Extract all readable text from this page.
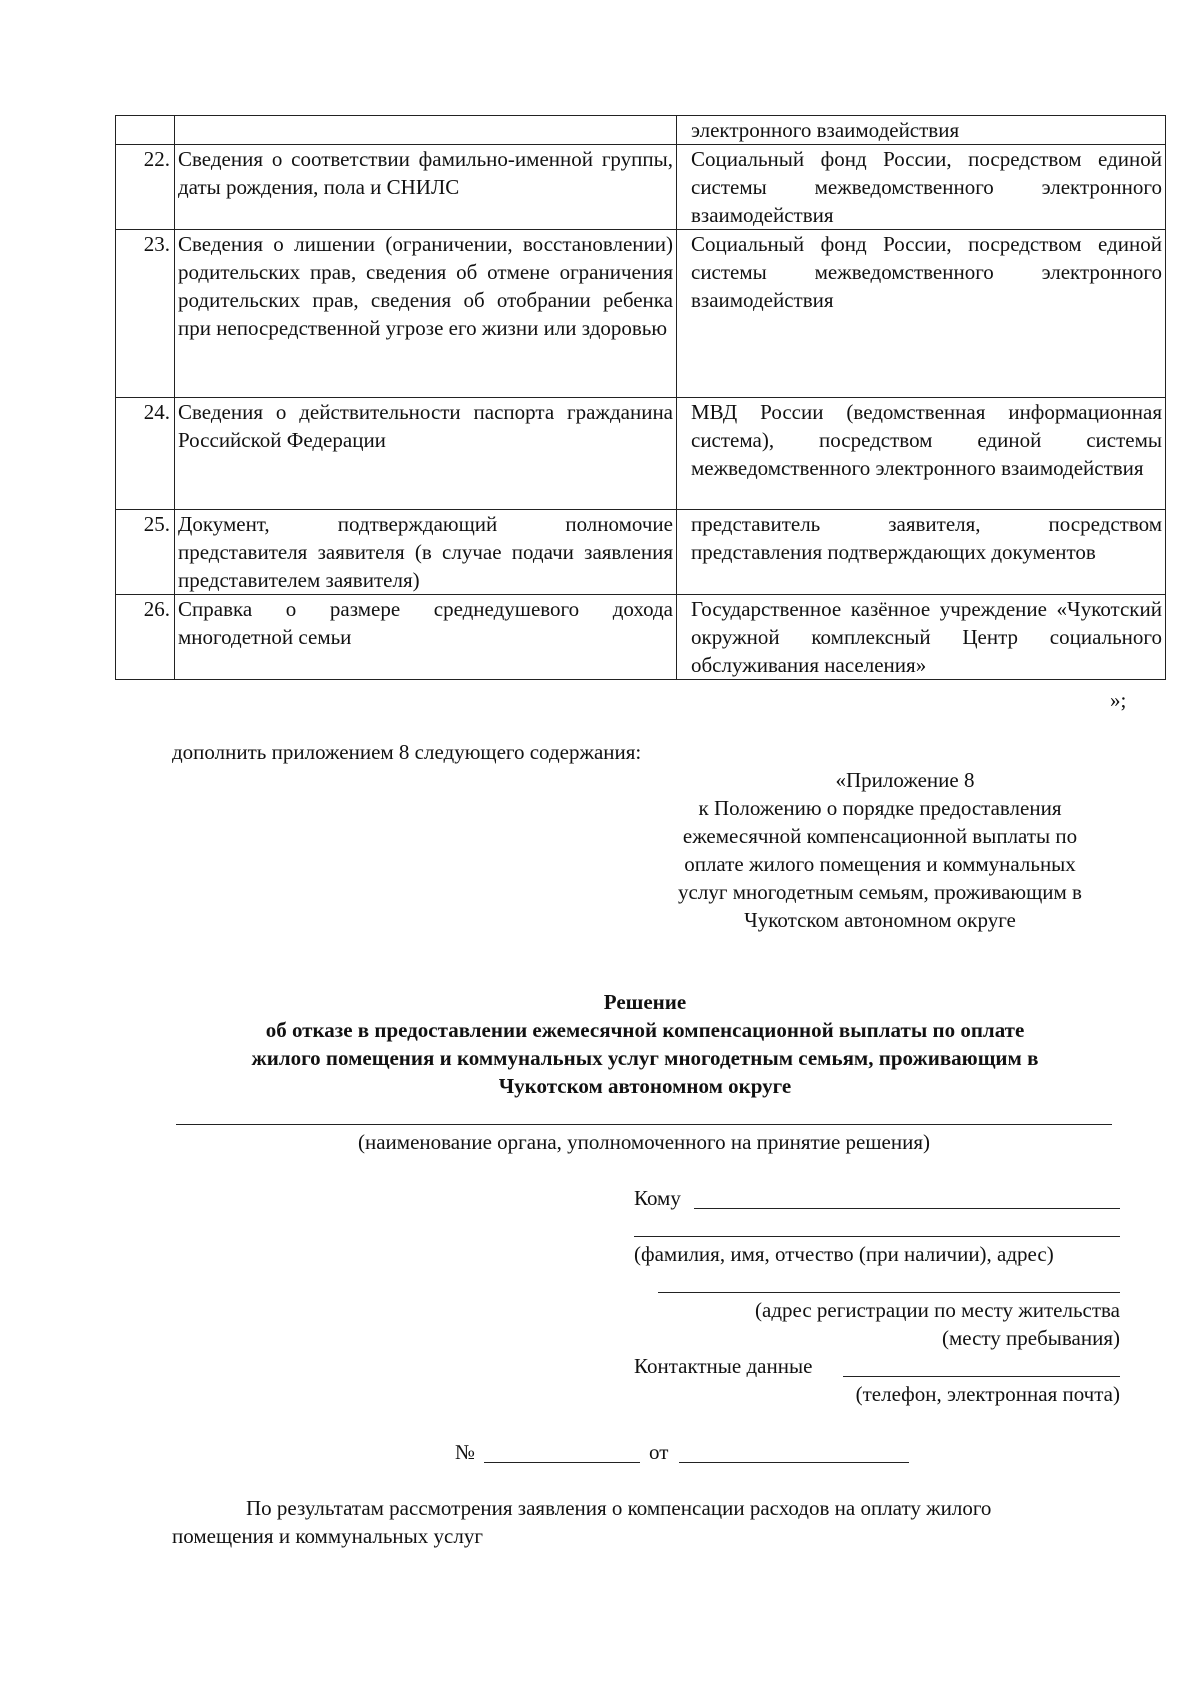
		электронного взаимодействия
22.	Сведения о соответствии фамильно-именной группы, даты рождения, пола и СНИЛС	Социальный фонд России, посредством единой системы межведомственного электронного взаимодействия
23.	Сведения о лишении (ограничении, восстановлении) родительских прав, сведения об отмене ограничения родительских прав, сведения об отобрании ребенка при непосредственной угрозе его жизни или здоровью	Социальный фонд России, посредством единой системы межведомственного электронного взаимодействия
24.	Сведения о действительности паспорта гражданина Российской Федерации	МВД России (ведомственная информационная система), посредством единой системы межведомственного электронного взаимодействия
25.	Документ, подтверждающий полномочие представителя заявителя (в случае подачи заявления представителем заявителя)	представитель заявителя, посредством представления подтверждающих документов
26.	Справка о размере среднедушевого дохода многодетной семьи	Государственное казённое учреждение «Чукотский окружной комплексный Центр социального обслуживания населения»
»;
дополнить приложением 8 следующего содержания:
«Приложение 8
к Положению о порядке предоставления
ежемесячной компенсационной выплаты по
оплате жилого помещения и коммунальных
услуг многодетным семьям, проживающим в
Чукотском автономном округе
Решение
об отказе в предоставлении ежемесячной компенсационной выплаты по оплате
жилого помещения и коммунальных услуг многодетным семьям, проживающим в
Чукотском автономном округе
(наименование органа, уполномоченного на принятие решения)
Кому
(фамилия, имя, отчество (при наличии), адрес)
(адрес регистрации по месту жительства
(месту пребывания)
Контактные данные
(телефон, электронная почта)
№	от
По результатам рассмотрения заявления о компенсации расходов на оплату жилого
помещения и коммунальных услуг
